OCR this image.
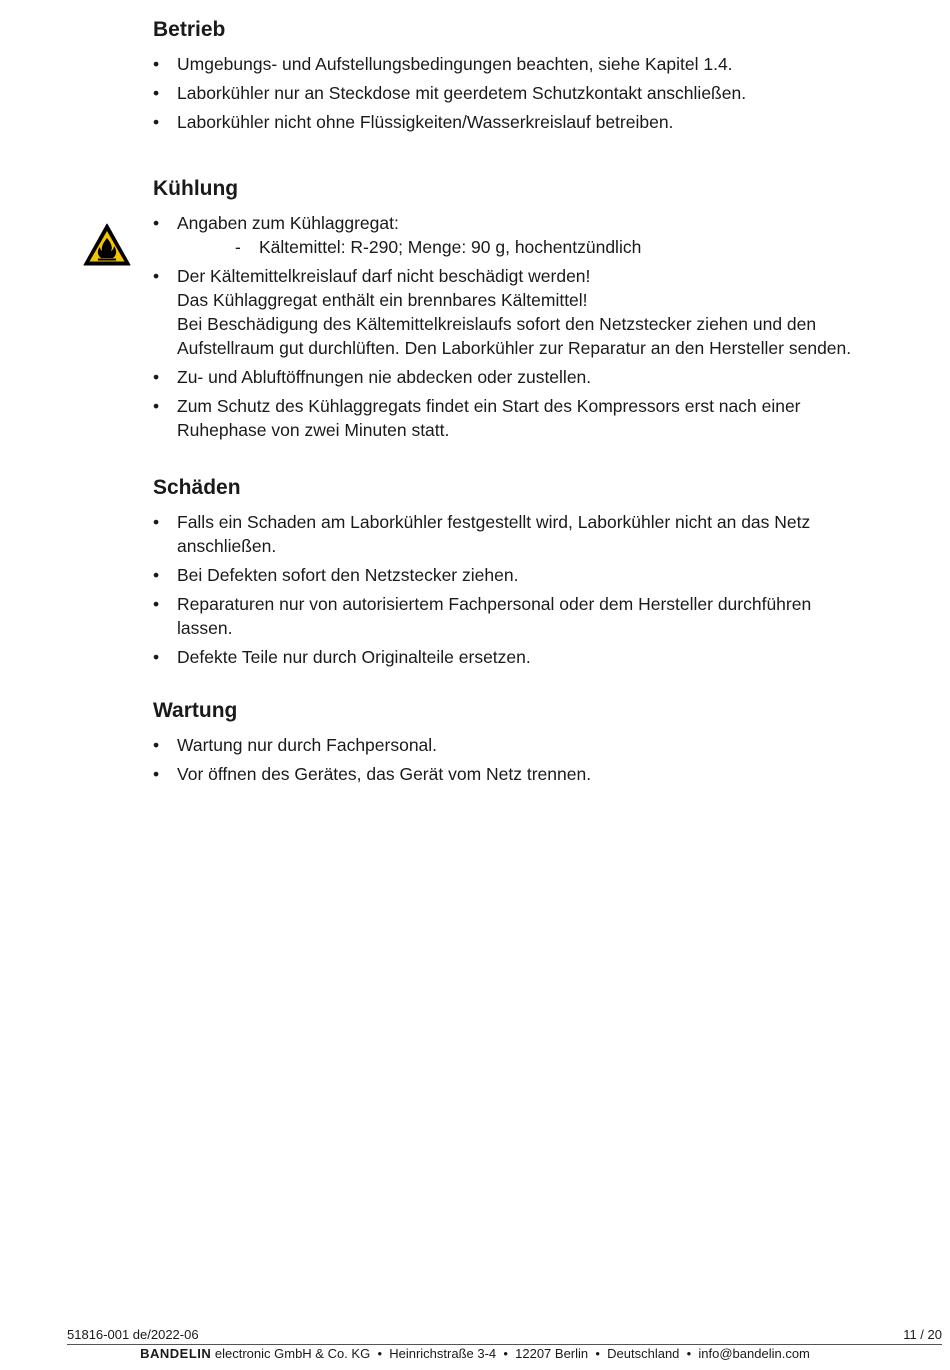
Betrieb
• Umgebungs- und Aufstellungsbedingungen beachten, siehe Kapitel 1.4.
• Laborkühler nur an Steckdose mit geerdetem Schutzkontakt anschließen.
• Laborkühler nicht ohne Flüssigkeiten/Wasserkreislauf betreiben.
Kühlung
• Angaben zum Kühlaggregat:
- Kältemittel: R-290; Menge: 90 g, hochentzündlich
• Der Kältemittelkreislauf darf nicht beschädigt werden!
Das Kühlaggregat enthält ein brennbares Kältemittel!
Bei Beschädigung des Kältemittelkreislaufs sofort den Netzstecker ziehen und den
Aufstellraum gut durchlüften. Den Laborkühler zur Reparatur an den Hersteller senden.
• Zu- und Abluftöffnungen nie abdecken oder zustellen.
• Zum Schutz des Kühlaggregats findet ein Start des Kompressors erst nach einer
Ruhephase von zwei Minuten statt.
Schäden
• Falls ein Schaden am Laborkühler festgestellt wird, Laborkühler nicht an das Netz
anschließen.
• Bei Defekten sofort den Netzstecker ziehen.
• Reparaturen nur von autorisiertem Fachpersonal oder dem Hersteller durchführen
lassen.
• Defekte Teile nur durch Originalteile ersetzen.
Wartung
• Wartung nur durch Fachpersonal.
• Vor öffnen des Gerätes, das Gerät vom Netz trennen.
51816-001 de/2022-06	11 / 20

BANDELIN electronic GmbH & Co. KG  •  Heinrichstraße 3-4  •  12207 Berlin  •  Deutschland  •  info@bandelin.com
